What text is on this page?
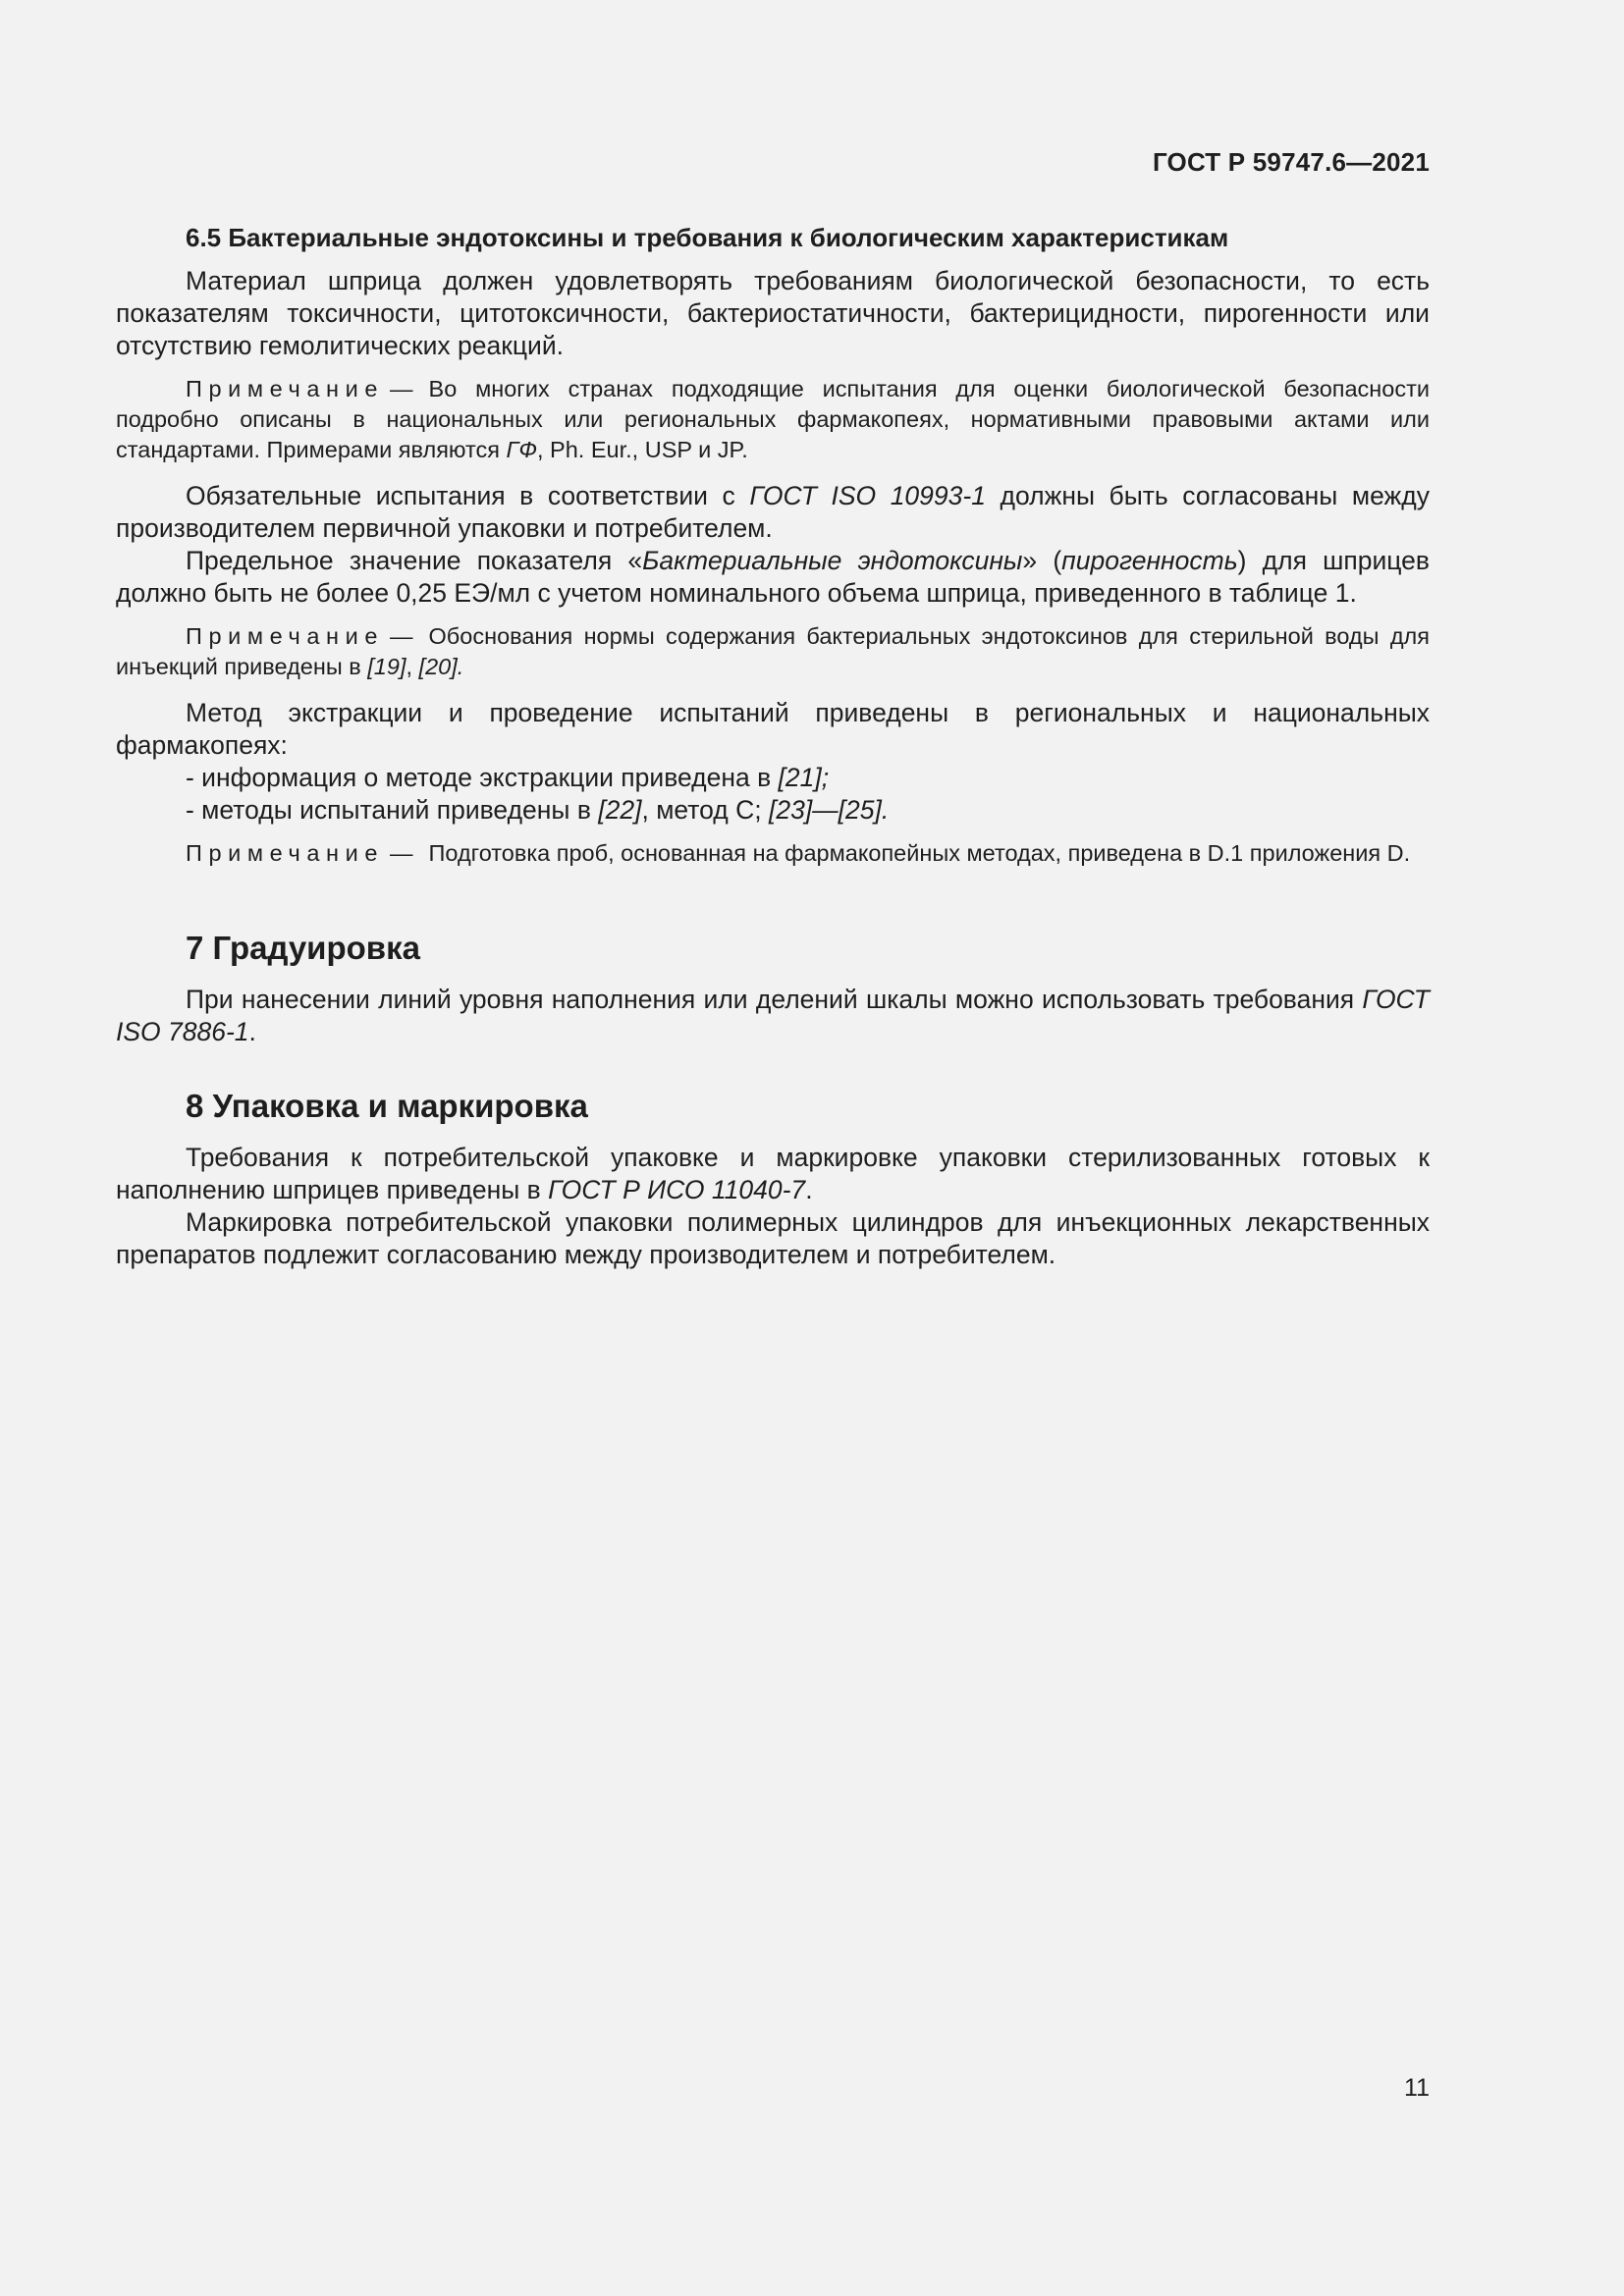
ГОСТ Р 59747.6—2021

6.5 Бактериальные эндотоксины и требования к биологическим характеристикам

Материал шприца должен удовлетворять требованиям биологической безопасности, то есть показателям токсичности, цитотоксичности, бактериостатичности, бактерицидности, пирогенности или отсутствию гемолитических реакций.

Примечание — Во многих странах подходящие испытания для оценки биологической безопасности подробно описаны в национальных или региональных фармакопеях, нормативными правовыми актами или стандартами. Примерами являются ГФ, Ph. Eur., USP и JP.

Обязательные испытания в соответствии с ГОСТ ISO 10993-1 должны быть согласованы между производителем первичной упаковки и потребителем.

Предельное значение показателя «Бактериальные эндотоксины» (пирогенность) для шприцев должно быть не более 0,25 ЕЭ/мл с учетом номинального объема шприца, приведенного в таблице 1.

Примечание — Обоснования нормы содержания бактериальных эндотоксинов для стерильной воды для инъекций приведены в [19], [20].

Метод экстракции и проведение испытаний приведены в региональных и национальных фармакопеях:

- информация о методе экстракции приведена в [21];

- методы испытаний приведены в [22], метод С; [23]—[25].

Примечание — Подготовка проб, основанная на фармакопейных методах, приведена в D.1 приложения D.

7 Градуировка

При нанесении линий уровня наполнения или делений шкалы можно использовать требования ГОСТ ISO 7886-1.

8 Упаковка и маркировка

Требования к потребительской упаковке и маркировке упаковки стерилизованных готовых к наполнению шприцев приведены в ГОСТ Р ИСО 11040-7.

Маркировка потребительской упаковки полимерных цилиндров для инъекционных лекарственных препаратов подлежит согласованию между производителем и потребителем.

11
